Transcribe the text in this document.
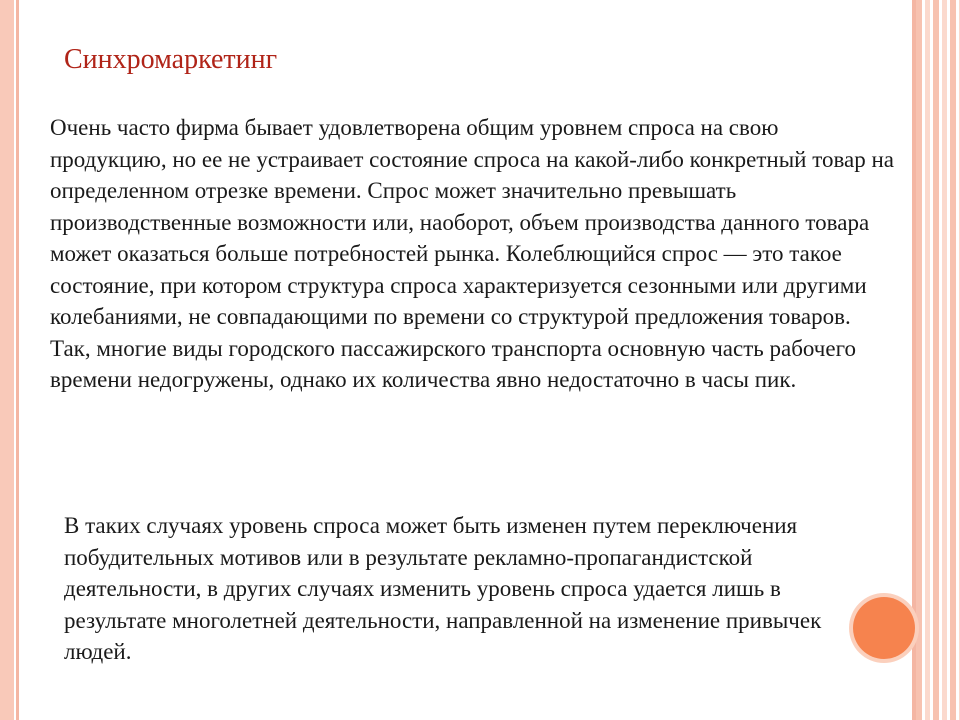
Синхромаркетинг

Очень часто фирма бывает удовлетворена общим уровнем спроса на свою продукцию, но ее не устраивает состояние спроса на какой-либо конкретный товар на определенном отрезке времени. Спрос может значительно превышать производственные возможности или, наоборот, объем производства данного товара может оказаться больше потребностей рынка. Колеблющийся спрос — это такое состояние, при котором структура спроса характеризуется сезонными или другими колебаниями, не совпадающими по времени со структурой предложения товаров. Так, многие виды городского пассажирского транспорта основную часть рабочего времени недогружены, однако их количества явно недостаточно в часы пик.

В таких случаях уровень спроса может быть изменен путем переключения побудительных мотивов или в результате рекламно-пропагандистской деятельности, в других случаях изменить уровень спроса удается лишь в результате многолетней деятельности, направленной на изменение привычек людей.
